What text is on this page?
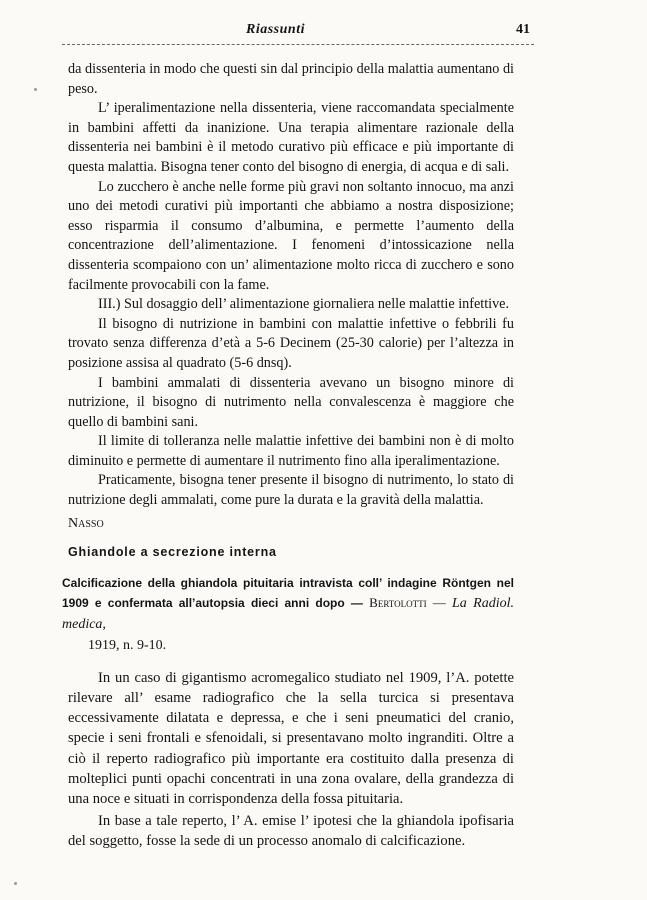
Riassunti	41

da dissenteria in modo che questi sin dal principio della malattia aumentano di peso.

L’ iperalimentazione nella dissenteria, viene raccomandata specialmente in bambini affetti da inanizione. Una terapia alimentare razionale della dissenteria nei bambini è il metodo curativo più efficace e più importante di questa malattia. Bisogna tener conto del bisogno di energia, di acqua e di sali.

Lo zucchero è anche nelle forme più gravi non soltanto innocuo, ma anzi uno dei metodi curativi più importanti che abbiamo a nostra disposizione; esso risparmia il consumo d’albumina, e permette l’aumento della concentrazione dell’alimentazione. I fenomeni d’intossicazione nella dissenteria scompaiono con un’ alimentazione molto ricca di zucchero e sono facilmente provocabili con la fame.

III.) Sul dosaggio dell’ alimentazione giornaliera nelle malattie infettive.

Il bisogno di nutrizione in bambini con malattie infettive o febbrili fu trovato senza differenza d’età a 5-6 Decinem (25-30 calorie) per l’altezza in posizione assisa al quadrato (5-6 dnsq).

I bambini ammalati di dissenteria avevano un bisogno minore di nutrizione, il bisogno di nutrimento nella convalescenza è maggiore che quello di bambini sani.

Il limite di tolleranza nelle malattie infettive dei bambini non è di molto diminuito e permette di aumentare il nutrimento fino alla iperalimentazione.

Praticamente, bisogna tener presente il bisogno di nutrimento, lo stato di nutrizione degli ammalati, come pure la durata e la gravità della malattia.

Nasso

Ghiandole a secrezione interna

Calcificazione della ghiandola pituitaria intravista coll’ indagine Röntgen nel 1909 e confermata all’autopsia dieci anni dopo — Bertolotti — La Radiol. medica,
1919, n. 9-10.

In un caso di gigantismo acromegalico studiato nel 1909, l’A. potette rilevare all’ esame radiografico che la sella turcica si presentava eccessivamente dilatata e depressa, e che i seni pneumatici del cranio, specie i seni frontali e sfenoidali, si presentavano molto ingranditi. Oltre a ciò il reperto radiografico più importante era costituito dalla presenza di molteplici punti opachi concentrati in una zona ovalare, della grandezza di una noce e situati in corrispondenza della fossa pituitaria.

In base a tale reperto, l’ A. emise l’ ipotesi che la ghiandola ipofisaria del soggetto, fosse la sede di un processo anomalo di calcificazione.
